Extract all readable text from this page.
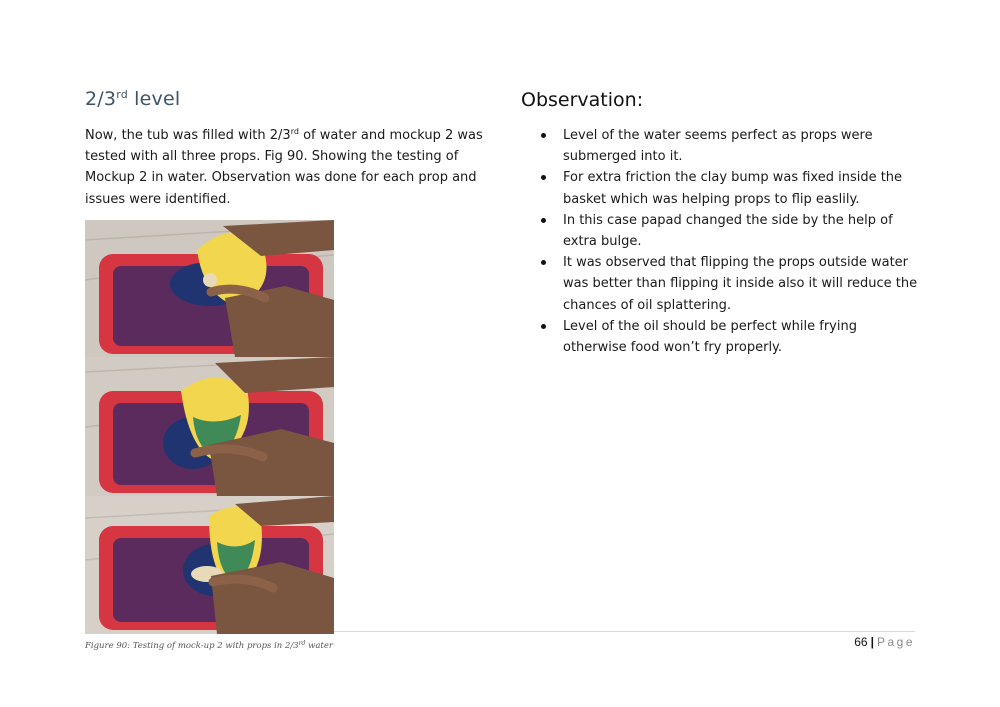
2/3rd level

Now, the tub was filled with 2/3rd of water and mockup 2 was tested with all three props. Fig 90. Showing the testing of Mockup 2 in water. Observation was done for each prop and issues were identified.

Figure 90: Testing of mock-up 2 with props in 2/3rd water

Observation:
Level of the water seems perfect as props were submerged into it.
For extra friction the clay bump was fixed inside the basket which was helping props to flip easlily.
In this case papad changed the side by the help of extra bulge.
It was observed that flipping the props outside water was better than flipping it inside also it will reduce the chances of oil splattering.
Level of the oil should be perfect while frying otherwise food won’t fry properly.
66 | Page
